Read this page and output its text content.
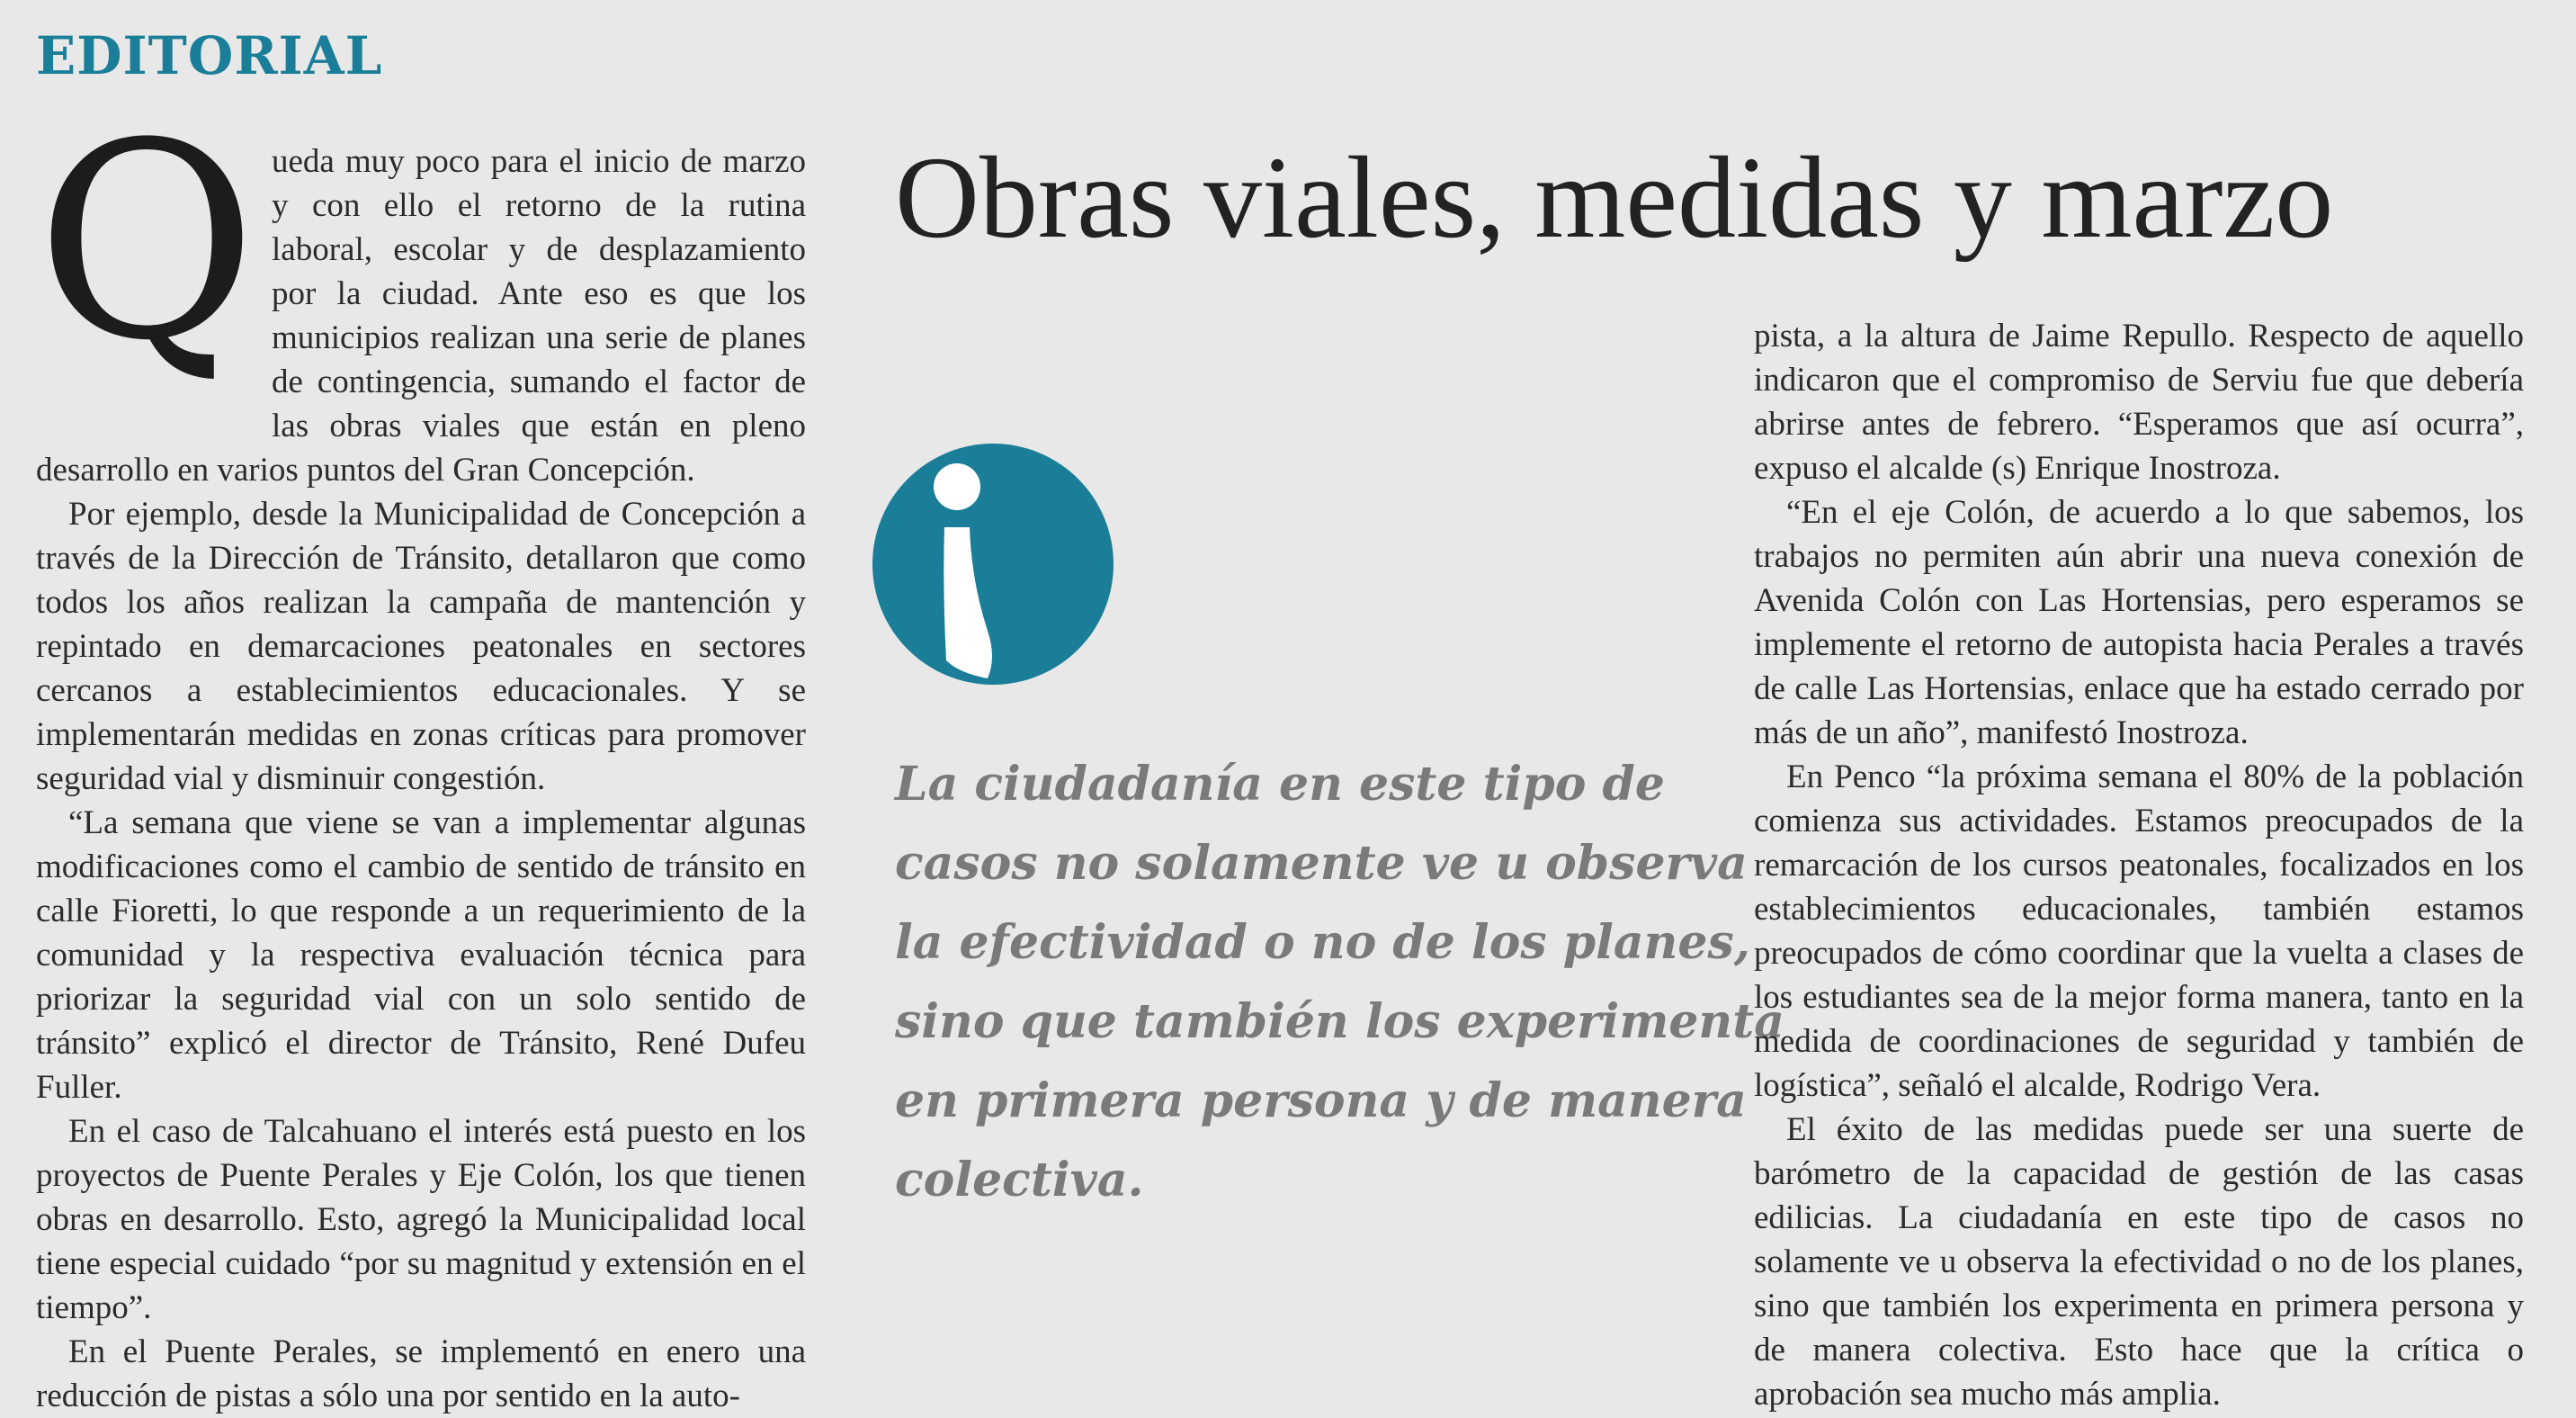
EDITORIAL
Obras viales, medidas y marzo
La ciudadanía en este tipo de
casos no solamente ve u observa
la efectividad o no de los planes,
sino que también los experimenta
en primera persona y de manera
colectiva.
Q ueda muy poco para el inicio de marzo y con ello el retorno de la rutina laboral, escolar y de desplazamiento por la ciudad. Ante eso es que los municipios realizan una serie de planes de contingencia, sumando el factor de las obras viales que están en pleno desarrollo en varios puntos del Gran Concepción.

Por ejemplo, desde la Municipalidad de Concepción a través de la Dirección de Tránsito, detallaron que como todos los años realizan la campaña de mantención y repintado en demarcaciones peatonales en sectores cercanos a establecimientos educacionales. Y se implementarán medidas en zonas críticas para promover seguridad vial y disminuir congestión.

“La semana que viene se van a implementar algunas modificaciones como el cambio de sentido de tránsito en calle Fioretti, lo que responde a un requerimiento de la comunidad y la respectiva evaluación técnica para priorizar la seguridad vial con un solo sentido de tránsito” explicó el director de Tránsito, René Dufeu Fuller.

En el caso de Talcahuano el interés está puesto en los proyectos de Puente Perales y Eje Colón, los que tienen obras en desarrollo. Esto, agregó la Municipalidad local tiene especial cuidado “por su magnitud y extensión en el tiempo”.

En el Puente Perales, se implementó en enero una reducción de pistas a sólo una por sentido en la auto-

pista, a la altura de Jaime Repullo. Respecto de aquello indicaron que el compromiso de Serviu fue que debería abrirse antes de febrero. “Esperamos que así ocurra”, expuso el alcalde (s) Enrique Inostroza.

“En el eje Colón, de acuerdo a lo que sabemos, los trabajos no permiten aún abrir una nueva conexión de Avenida Colón con Las Hortensias, pero esperamos se implemente el retorno de autopista hacia Perales a través de calle Las Hortensias, enlace que ha estado cerrado por más de un año”, manifestó Inostroza.

En Penco “la próxima semana el 80% de la población comienza sus actividades. Estamos preocupados de la remarcación de los cursos peatonales, focalizados en los establecimientos educacionales, también estamos preocupados de cómo coordinar que la vuelta a clases de los estudiantes sea de la mejor forma manera, tanto en la medida de coordinaciones de seguridad y también de logística”, señaló el alcalde, Rodrigo Vera.

El éxito de las medidas puede ser una suerte de barómetro de la capacidad de gestión de las casas edilicias. La ciudadanía en este tipo de casos no solamente ve u observa la efectividad o no de los planes, sino que también los experimenta en primera persona y de manera colectiva. Esto hace que la crítica o aprobación sea mucho más amplia.
